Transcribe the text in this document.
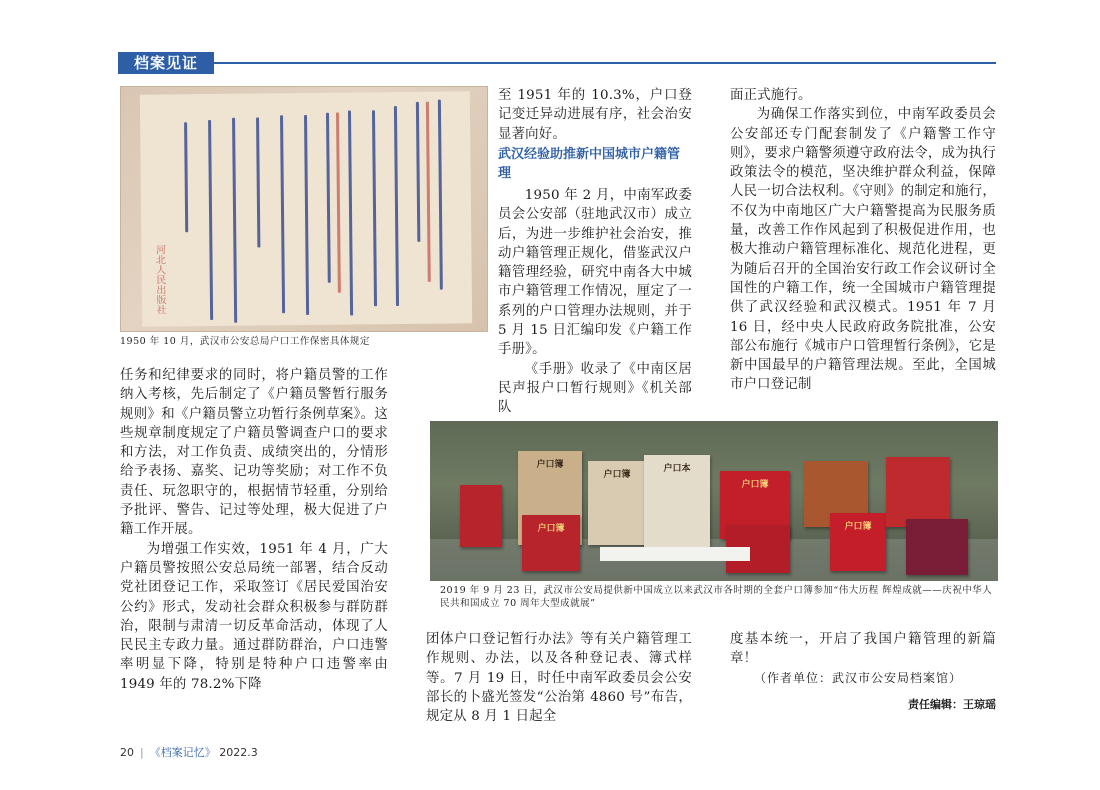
档案见证
河北人民出版社
1950 年 10 月，武汉市公安总局户口工作保密具体规定
户口簿
户口簿
户口簿
户口本
户口簿
户口簿
2019 年 9 月 23 日，武汉市公安局提供新中国成立以来武汉市各时期的全套户口簿参加“伟大历程 辉煌成就——庆祝中华人民共和国成立 70 周年大型成就展”

至 1951 年的 10.3%，户口登记变迁异动进展有序，社会治安显著向好。

武汉经验助推新中国城市户籍管理

1950 年 2 月，中南军政委员会公安部（驻地武汉市）成立后，为进一步维护社会治安，推动户籍管理正规化，借鉴武汉户籍管理经验，研究中南各大中城市户籍管理工作情况，厘定了一系列的户口管理办法规则，并于 5 月 15 日汇编印发《户籍工作手册》。

《手册》收录了《中南区居民声报户口暂行规则》《机关部队

面正式施行。

为确保工作落实到位，中南军政委员会公安部还专门配套制发了《户籍警工作守则》，要求户籍警须遵守政府法令，成为执行政策法令的模范，坚决维护群众利益，保障人民一切合法权利。《守则》的制定和施行，不仅为中南地区广大户籍警提高为民服务质量，改善工作作风起到了积极促进作用，也极大推动户籍管理标准化、规范化进程，更为随后召开的全国治安行政工作会议研讨全国性的户籍工作，统一全国城市户籍管理提供了武汉经验和武汉模式。1951 年 7 月 16 日，经中央人民政府政务院批准，公安部公布施行《城市户口管理暂行条例》，它是新中国最早的户籍管理法规。至此，全国城市户口登记制

任务和纪律要求的同时，将户籍员警的工作纳入考核，先后制定了《户籍员警暂行服务规则》和《户籍员警立功暂行条例草案》。这些规章制度规定了户籍员警调查户口的要求和方法，对工作负责、成绩突出的，分情形给予表扬、嘉奖、记功等奖励；对工作不负责任、玩忽职守的，根据情节轻重，分别给予批评、警告、记过等处理，极大促进了户籍工作开展。

为增强工作实效，1951 年 4 月，广大户籍员警按照公安总局统一部署，结合反动党社团登记工作，采取签订《居民爱国治安公约》形式，发动社会群众积极参与群防群治，限制与肃清一切反革命活动，体现了人民民主专政力量。通过群防群治，户口违警率明显下降，特别是特种户口违警率由 1949 年的 78.2%下降

团体户口登记暂行办法》等有关户籍管理工作规则、办法，以及各种登记表、簿式样等。7 月 19 日，时任中南军政委员会公安部长的卜盛光签发“公治第 4860 号”布告，规定从 8 月 1 日起全

度基本统一，开启了我国户籍管理的新篇章！

（作者单位：武汉市公安局档案馆）

责任编辑：王琼瑶
20 | 《档案记忆》 2022.3
